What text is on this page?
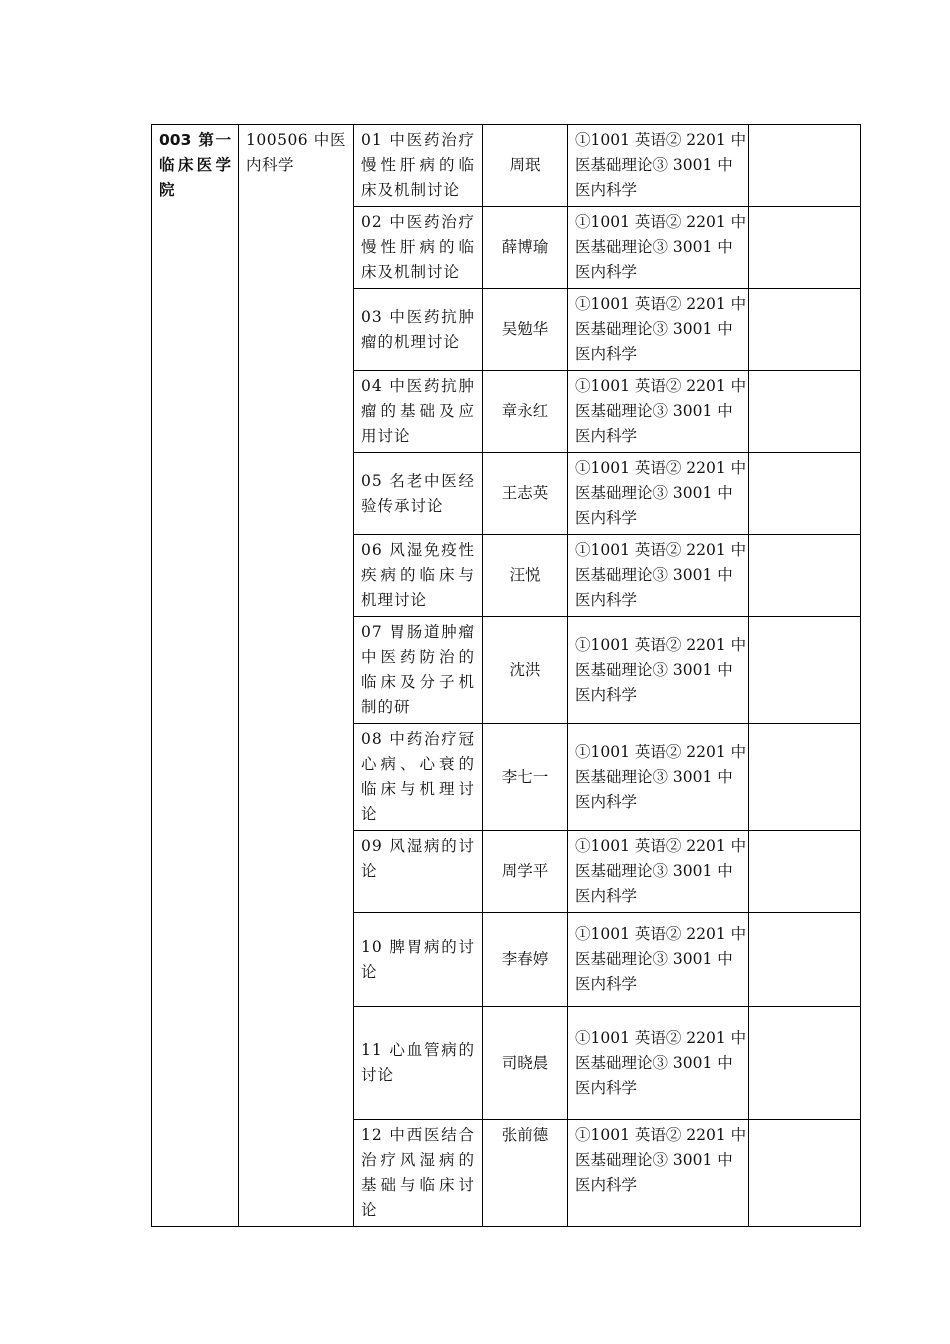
003 第一临床医学院	100506 中医内科学	01 中医药治疗慢性肝病的临床及机制讨论	周珉	①1001 英语② 2201 中
医基础理论③ 3001 中
医内科学	

		02 中医药治疗慢性肝病的临床及机制讨论	薛博瑜	①1001 英语② 2201 中
医基础理论③ 3001 中
医内科学	

		03 中医药抗肿瘤的机理讨论	吴勉华	①1001 英语② 2201 中
医基础理论③ 3001 中
医内科学	

		04 中医药抗肿瘤的基础及应用讨论	章永红	①1001 英语② 2201 中
医基础理论③ 3001 中
医内科学	

		05 名老中医经验传承讨论	王志英	①1001 英语② 2201 中
医基础理论③ 3001 中
医内科学	

		06 风湿免疫性疾病的临床与机理讨论	汪悦	①1001 英语② 2201 中
医基础理论③ 3001 中
医内科学	

		07 胃肠道肿瘤中医药防治的临床及分子机制的研	沈洪	①1001 英语② 2201 中
医基础理论③ 3001 中
医内科学	

		08 中药治疗冠心病、心衰的临床与机理讨论	李七一	①1001 英语② 2201 中
医基础理论③ 3001 中
医内科学	

		09 风湿病的讨论	周学平	①1001 英语② 2201 中
医基础理论③ 3001 中
医内科学	

		10 脾胃病的讨论	李春婷	①1001 英语② 2201 中
医基础理论③ 3001 中
医内科学	

		11 心血管病的讨论	司晓晨	①1001 英语② 2201 中
医基础理论③ 3001 中
医内科学	

		12 中西医结合治疗风湿病的基础与临床讨论	张前德	①1001 英语② 2201 中
医基础理论③ 3001 中
医内科学	
